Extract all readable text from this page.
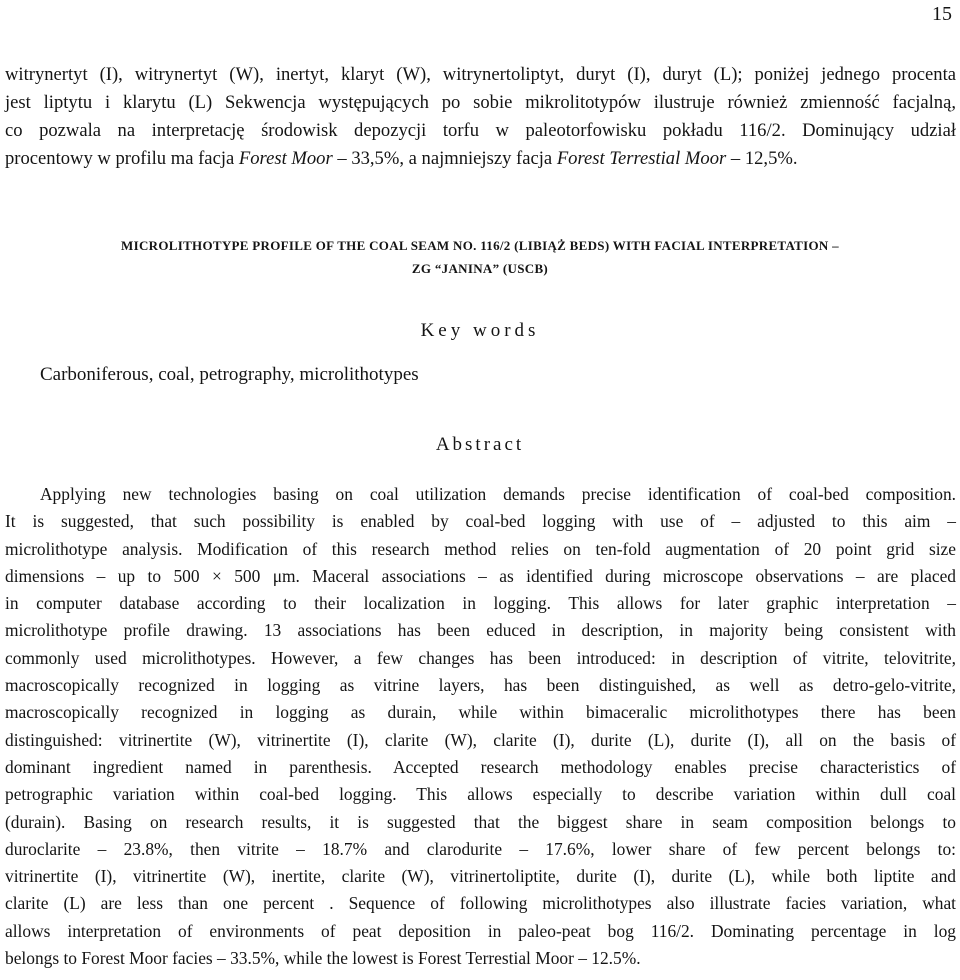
15

witrynertyt (I), witrynertyt (W), inertyt, klaryt (W), witrynertoliptyt, duryt (I), duryt (L); poniżej jednego procenta
jest liptytu i klarytu (L) Sekwencja występujących po sobie mikrolitotypów ilustruje również zmienność facjalną,
co pozwala na interpretację środowisk depozycji torfu w paleotorfowisku pokładu 116/2. Dominujący udział
procentowy w profilu ma facja Forest Moor – 33,5%, a najmniejszy facja Forest Terrestial Moor – 12,5%.

MICROLITHOTYPE PROFILE OF THE COAL SEAM NO. 116/2 (LIBIĄŻ BEDS) WITH FACIAL INTERPRETATION –
ZG “JANINA” (USCB)
Key words

Carboniferous, coal, petrography, microlithotypes

Abstract

Applying new technologies basing on coal utilization demands precise identification of coal-bed composition.
It is suggested, that such possibility is enabled by coal-bed logging with use of – adjusted to this aim –
microlithotype analysis. Modification of this research method relies on ten-fold augmentation of 20 point grid size
dimensions – up to 500 × 500 μm. Maceral associations – as identified during microscope observations – are placed
in computer database according to their localization in logging. This allows for later graphic interpretation –
microlithotype profile drawing. 13 associations has been educed in description, in majority being consistent with
commonly used microlithotypes. However, a few changes has been introduced: in description of vitrite, telovitrite,
macroscopically recognized in logging as vitrine layers, has been distinguished, as well as detro-gelo-vitrite,
macroscopically recognized in logging as durain, while within bimaceralic microlithotypes there has been
distinguished: vitrinertite (W), vitrinertite (I), clarite (W), clarite (I), durite (L), durite (I), all on the basis of
dominant ingredient named in parenthesis. Accepted research methodology enables precise characteristics of
petrographic variation within coal-bed logging. This allows especially to describe variation within dull coal
(durain). Basing on research results, it is suggested that the biggest share in seam composition belongs to
duroclarite – 23.8%, then vitrite – 18.7% and clarodurite – 17.6%, lower share of few percent belongs to:
vitrinertite (I), vitrinertite (W), inertite, clarite (W), vitrinertoliptite, durite (I), durite (L), while both liptite and
clarite (L) are less than one percent . Sequence of following microlithotypes also illustrate facies variation, what
allows interpretation of environments of peat deposition in paleo-peat bog 116/2. Dominating percentage in log
belongs to Forest Moor facies – 33.5%, while the lowest is Forest Terrestial Moor – 12.5%.
